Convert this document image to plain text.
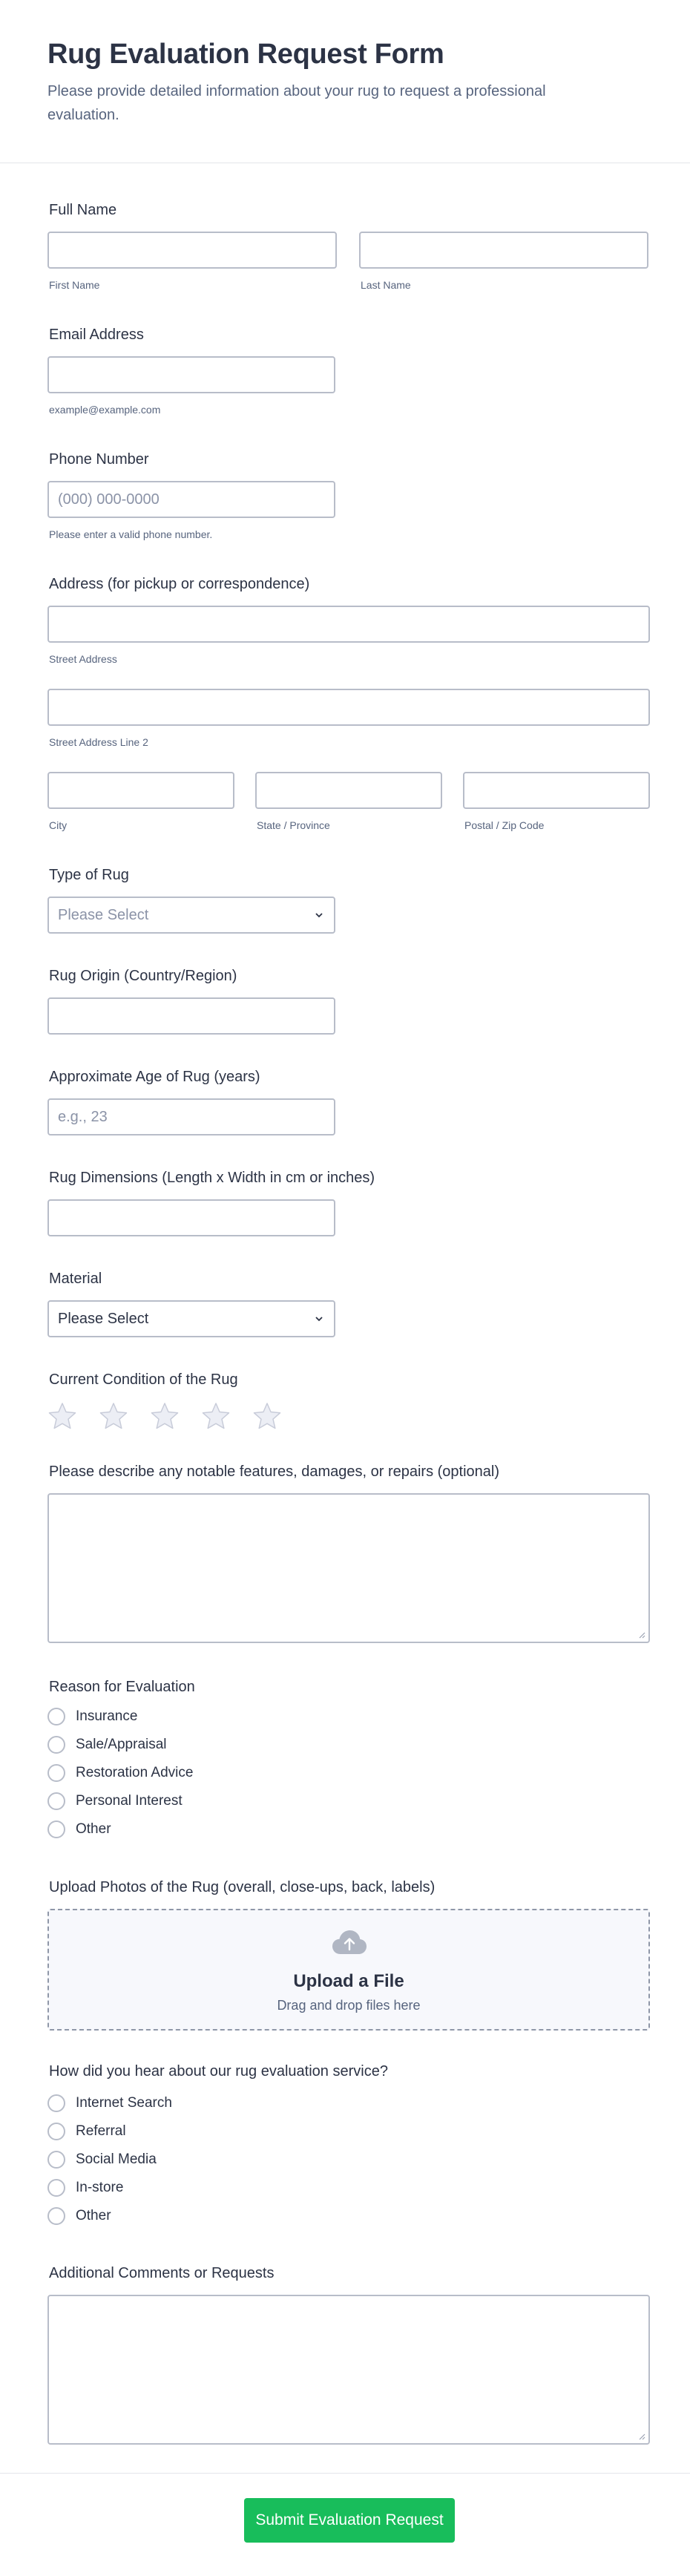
Rug Evaluation Request Form

Please provide detailed information about your rug to request a professional evaluation.

Full Name
First Name	Last Name
Email Address
example@example.com
Phone Number
(000) 000-0000
Please enter a valid phone number.
Address (for pickup or correspondence)
Street Address
Street Address Line 2
City	State / Province	Postal / Zip Code
Type of Rug
Please Select
Rug Origin (Country/Region)
Approximate Age of Rug (years)
e.g., 23
Rug Dimensions (Length x Width in cm or inches)
Material
Please Select
Current Condition of the Rug
Please describe any notable features, damages, or repairs (optional)
Reason for Evaluation
Insurance
Sale/Appraisal
Restoration Advice
Personal Interest
Other
Upload Photos of the Rug (overall, close-ups, back, labels)
Upload a File
Drag and drop files here
How did you hear about our rug evaluation service?
Internet Search
Referral
Social Media
In-store
Other
Additional Comments or Requests
Submit Evaluation Request
